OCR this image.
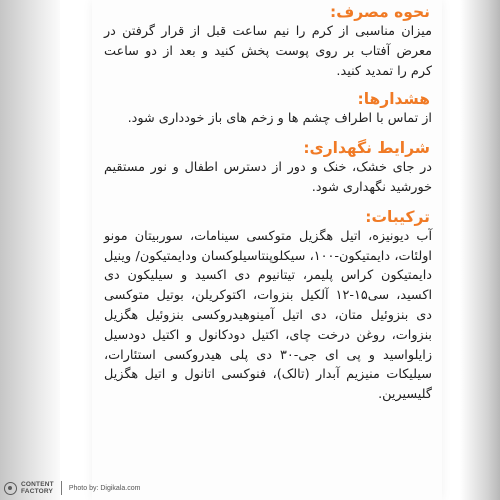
نحوه مصرف:

میزان مناسبی از کرم را نیم ساعت قبل از قرار گرفتن در معرض آفتاب بر روی پوست پخش کنید و بعد از دو ساعت کرم را تمدید کنید.

هشدارها:

از تماس با اطراف چشم ها و زخم های باز خودداری شود.

شرایط نگهداری:

در جای خشک، خنک و دور از دسترس اطفال و نور مستقیم خورشید نگهداری شود.

ترکیبات:

آب دیونیزه، اتیل هگزیل متوکسی سینامات، سوربیتان مونو اولئات، دایمتیکون-۱۰۰، سیکلوپنتاسیلوکسان ودایمتیکون/ وینیل دایمتیکون کراس پلیمر، تیتانیوم دی اکسید و سیلیکون دی اکسید، سی۱۵-۱۲ آلکیل بنزوات، اکتوکریلن، بوتیل متوکسی دی بنزوئیل متان، دی اتیل آمینوهیدروکسی بنزوئیل هگزیل بنزوات، روغن درخت چای، اکتیل دودکانول و اکتیل دودسیل زایلواسید و پی ای جی-۳۰ دی پلی هیدروکسی استئارات، سیلیکات منیزیم آبدار (تالک)، فنوکسی اتانول و اتیل هگزیل گلیسیرین.

CONTENT
FACTORY Photo by: Digikala.com
